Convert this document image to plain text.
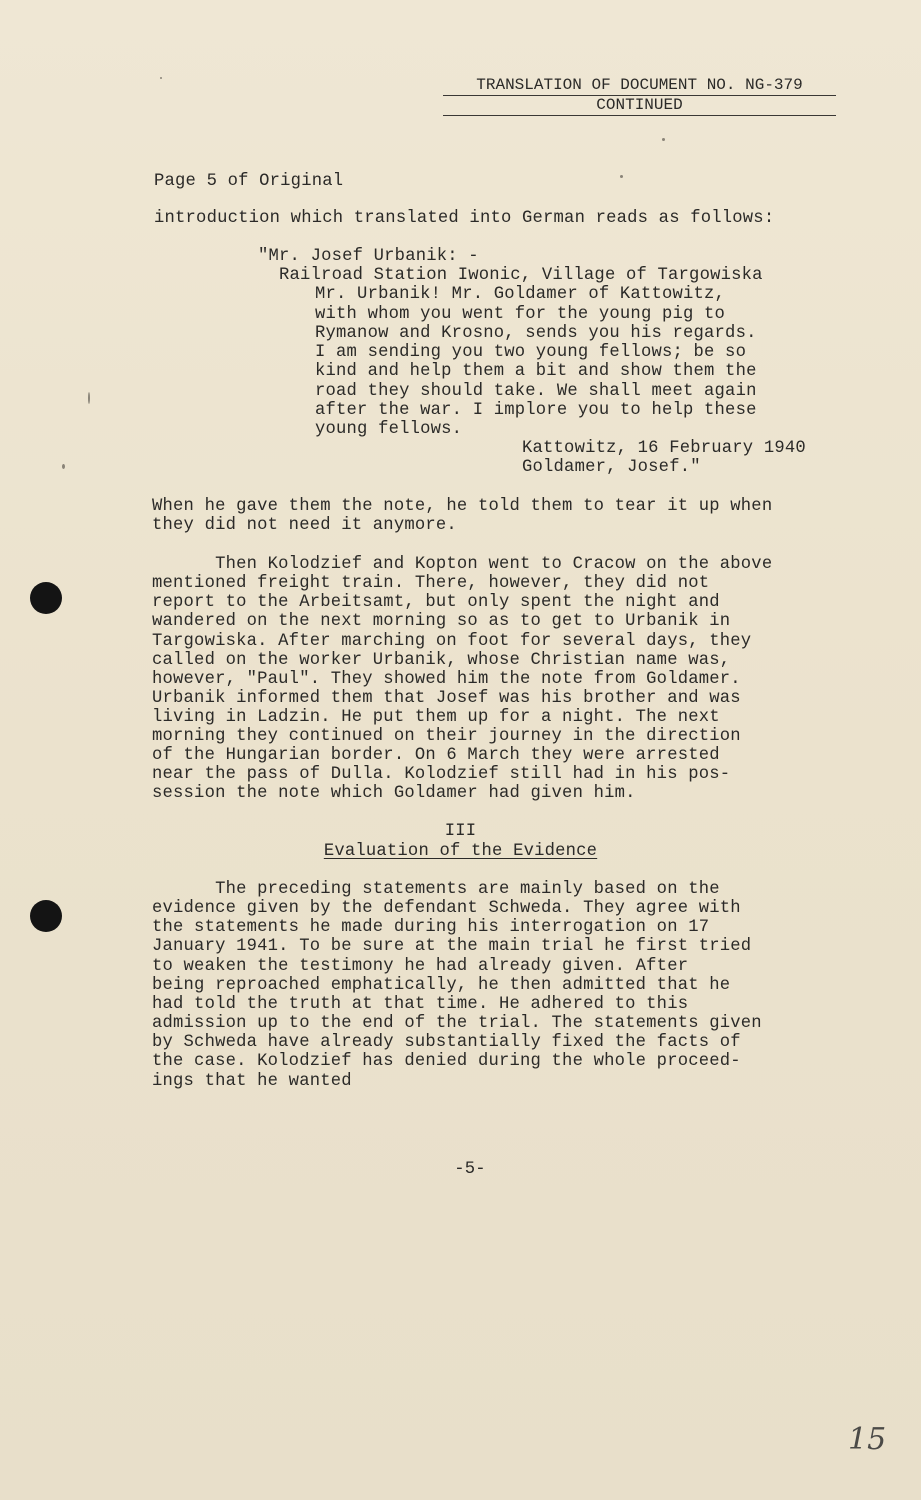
TRANSLATION OF DOCUMENT NO. NG-379
CONTINUED
Page 5 of Original
introduction which translated into German reads as follows:
"Mr. Josef Urbanik: -
Railroad Station Iwonic, Village of Targowiska
Mr. Urbanik! Mr. Goldamer of Kattowitz,
with whom you went for the young pig to
Rymanow and Krosno, sends you his regards.
I am sending you two young fellows; be so
kind and help them a bit and show them the
road they should take. We shall meet again
after the war. I implore you to help these
young fellows.
Kattowitz, 16 February 1940
Goldamer, Josef."
When he gave them the note, he told them to tear it up when
they did not need it anymore.
Then Kolodzief and Kopton went to Cracow on the above
mentioned freight train. There, however, they did not
report to the Arbeitsamt, but only spent the night and
wandered on the next morning so as to get to Urbanik in
Targowiska. After marching on foot for several days, they
called on the worker Urbanik, whose Christian name was,
however, "Paul". They showed him the note from Goldamer.
Urbanik informed them that Josef was his brother and was
living in Ladzin. He put them up for a night. The next
morning they continued on their journey in the direction
of the Hungarian border. On 6 March they were arrested
near the pass of Dulla. Kolodzief still had in his pos-
session the note which Goldamer had given him.
III
Evaluation of the Evidence
The preceding statements are mainly based on the
evidence given by the defendant Schweda. They agree with
the statements he made during his interrogation on 17
January 1941. To be sure at the main trial he first tried
to weaken the testimony he had already given. After
being reproached emphatically, he then admitted that he
had told the truth at that time. He adhered to this
admission up to the end of the trial. The statements given
by Schweda have already substantially fixed the facts of
the case. Kolodzief has denied during the whole proceed-
ings that he wanted
-5-
15
